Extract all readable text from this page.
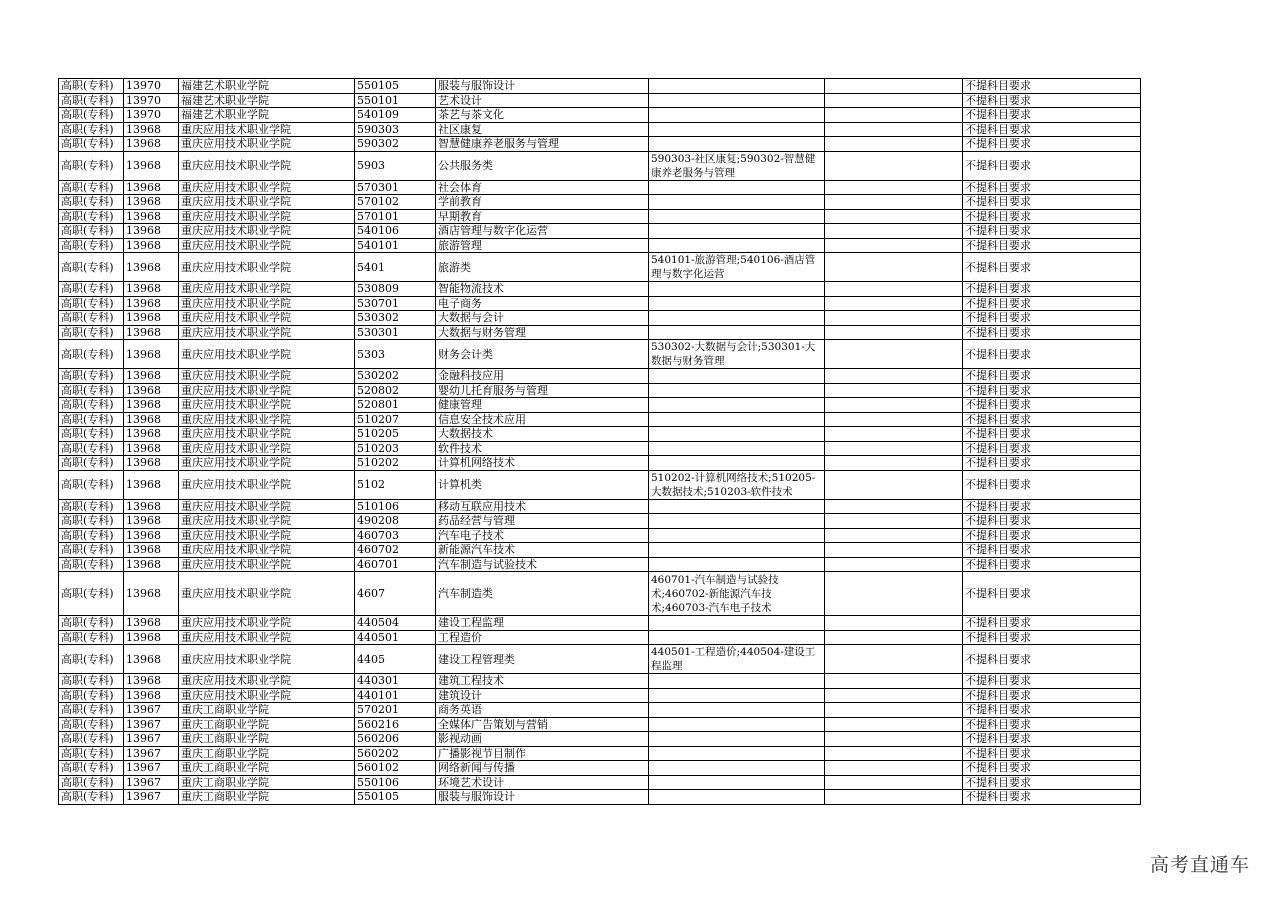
高职(专科)	13970	福建艺术职业学院	550105	服装与服饰设计			不提科目要求
高职(专科)	13970	福建艺术职业学院	550101	艺术设计			不提科目要求
高职(专科)	13970	福建艺术职业学院	540109	茶艺与茶文化			不提科目要求
高职(专科)	13968	重庆应用技术职业学院	590303	社区康复			不提科目要求
高职(专科)	13968	重庆应用技术职业学院	590302	智慧健康养老服务与管理			不提科目要求
高职(专科)	13968	重庆应用技术职业学院	5903	公共服务类	590303-社区康复;590302-智慧健康养老服务与管理		不提科目要求
高职(专科)	13968	重庆应用技术职业学院	570301	社会体育			不提科目要求
高职(专科)	13968	重庆应用技术职业学院	570102	学前教育			不提科目要求
高职(专科)	13968	重庆应用技术职业学院	570101	早期教育			不提科目要求
高职(专科)	13968	重庆应用技术职业学院	540106	酒店管理与数字化运营			不提科目要求
高职(专科)	13968	重庆应用技术职业学院	540101	旅游管理			不提科目要求
高职(专科)	13968	重庆应用技术职业学院	5401	旅游类	540101-旅游管理;540106-酒店管理与数字化运营		不提科目要求
高职(专科)	13968	重庆应用技术职业学院	530809	智能物流技术			不提科目要求
高职(专科)	13968	重庆应用技术职业学院	530701	电子商务			不提科目要求
高职(专科)	13968	重庆应用技术职业学院	530302	大数据与会计			不提科目要求
高职(专科)	13968	重庆应用技术职业学院	530301	大数据与财务管理			不提科目要求
高职(专科)	13968	重庆应用技术职业学院	5303	财务会计类	530302-大数据与会计;530301-大数据与财务管理		不提科目要求
高职(专科)	13968	重庆应用技术职业学院	530202	金融科技应用			不提科目要求
高职(专科)	13968	重庆应用技术职业学院	520802	婴幼儿托育服务与管理			不提科目要求
高职(专科)	13968	重庆应用技术职业学院	520801	健康管理			不提科目要求
高职(专科)	13968	重庆应用技术职业学院	510207	信息安全技术应用			不提科目要求
高职(专科)	13968	重庆应用技术职业学院	510205	大数据技术			不提科目要求
高职(专科)	13968	重庆应用技术职业学院	510203	软件技术			不提科目要求
高职(专科)	13968	重庆应用技术职业学院	510202	计算机网络技术			不提科目要求
高职(专科)	13968	重庆应用技术职业学院	5102	计算机类	510202-计算机网络技术;510205-大数据技术;510203-软件技术		不提科目要求
高职(专科)	13968	重庆应用技术职业学院	510106	移动互联应用技术			不提科目要求
高职(专科)	13968	重庆应用技术职业学院	490208	药品经营与管理			不提科目要求
高职(专科)	13968	重庆应用技术职业学院	460703	汽车电子技术			不提科目要求
高职(专科)	13968	重庆应用技术职业学院	460702	新能源汽车技术			不提科目要求
高职(专科)	13968	重庆应用技术职业学院	460701	汽车制造与试验技术			不提科目要求
高职(专科)	13968	重庆应用技术职业学院	4607	汽车制造类	460701-汽车制造与试验技术;460702-新能源汽车技术;460703-汽车电子技术		不提科目要求
高职(专科)	13968	重庆应用技术职业学院	440504	建设工程监理			不提科目要求
高职(专科)	13968	重庆应用技术职业学院	440501	工程造价			不提科目要求
高职(专科)	13968	重庆应用技术职业学院	4405	建设工程管理类	440501-工程造价;440504-建设工程监理		不提科目要求
高职(专科)	13968	重庆应用技术职业学院	440301	建筑工程技术			不提科目要求
高职(专科)	13968	重庆应用技术职业学院	440101	建筑设计			不提科目要求
高职(专科)	13967	重庆工商职业学院	570201	商务英语			不提科目要求
高职(专科)	13967	重庆工商职业学院	560216	全媒体广告策划与营销			不提科目要求
高职(专科)	13967	重庆工商职业学院	560206	影视动画			不提科目要求
高职(专科)	13967	重庆工商职业学院	560202	广播影视节目制作			不提科目要求
高职(专科)	13967	重庆工商职业学院	560102	网络新闻与传播			不提科目要求
高职(专科)	13967	重庆工商职业学院	550106	环境艺术设计			不提科目要求
高职(专科)	13967	重庆工商职业学院	550105	服装与服饰设计			不提科目要求
高考直通车
